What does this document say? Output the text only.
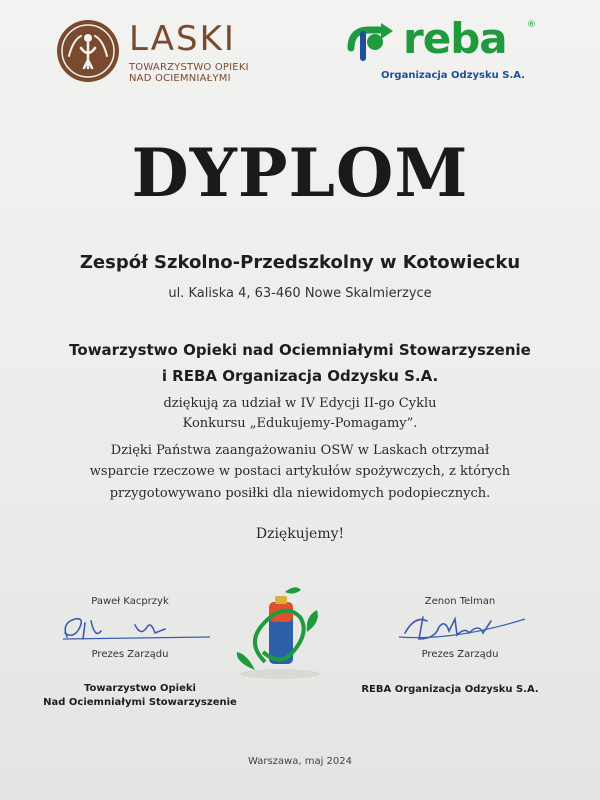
LASKI
TOWARZYSTWO OPIEKI
NAD OCIEMNIAŁYMI
reba ®
Organizacja Odzysku S.A.
DYPLOM
Zespół Szkolno-Przedszkolny w Kotowiecku
ul. Kaliska 4, 63-460 Nowe Skalmierzyce
Towarzystwo Opieki nad Ociemniałymi Stowarzyszenie
i REBA Organizacja Odzysku S.A.
dziękują za udział w IV Edycji II-go Cyklu
Konkursu „Edukujemy-Pomagamy”.
Dzięki Państwa zaangażowaniu OSW w Laskach otrzymał
wsparcie rzeczowe w postaci artykułów spożywczych, z których
przygotowywano posiłki dla niewidomych podopiecznych.
Dziękujemy!
Paweł Kacprzyk
Prezes Zarządu
Towarzystwo Opieki
Nad Ociemniałymi Stowarzyszenie
Zenon Telman
Prezes Zarządu
REBA Organizacja Odzysku S.A.
Warszawa, maj 2024
